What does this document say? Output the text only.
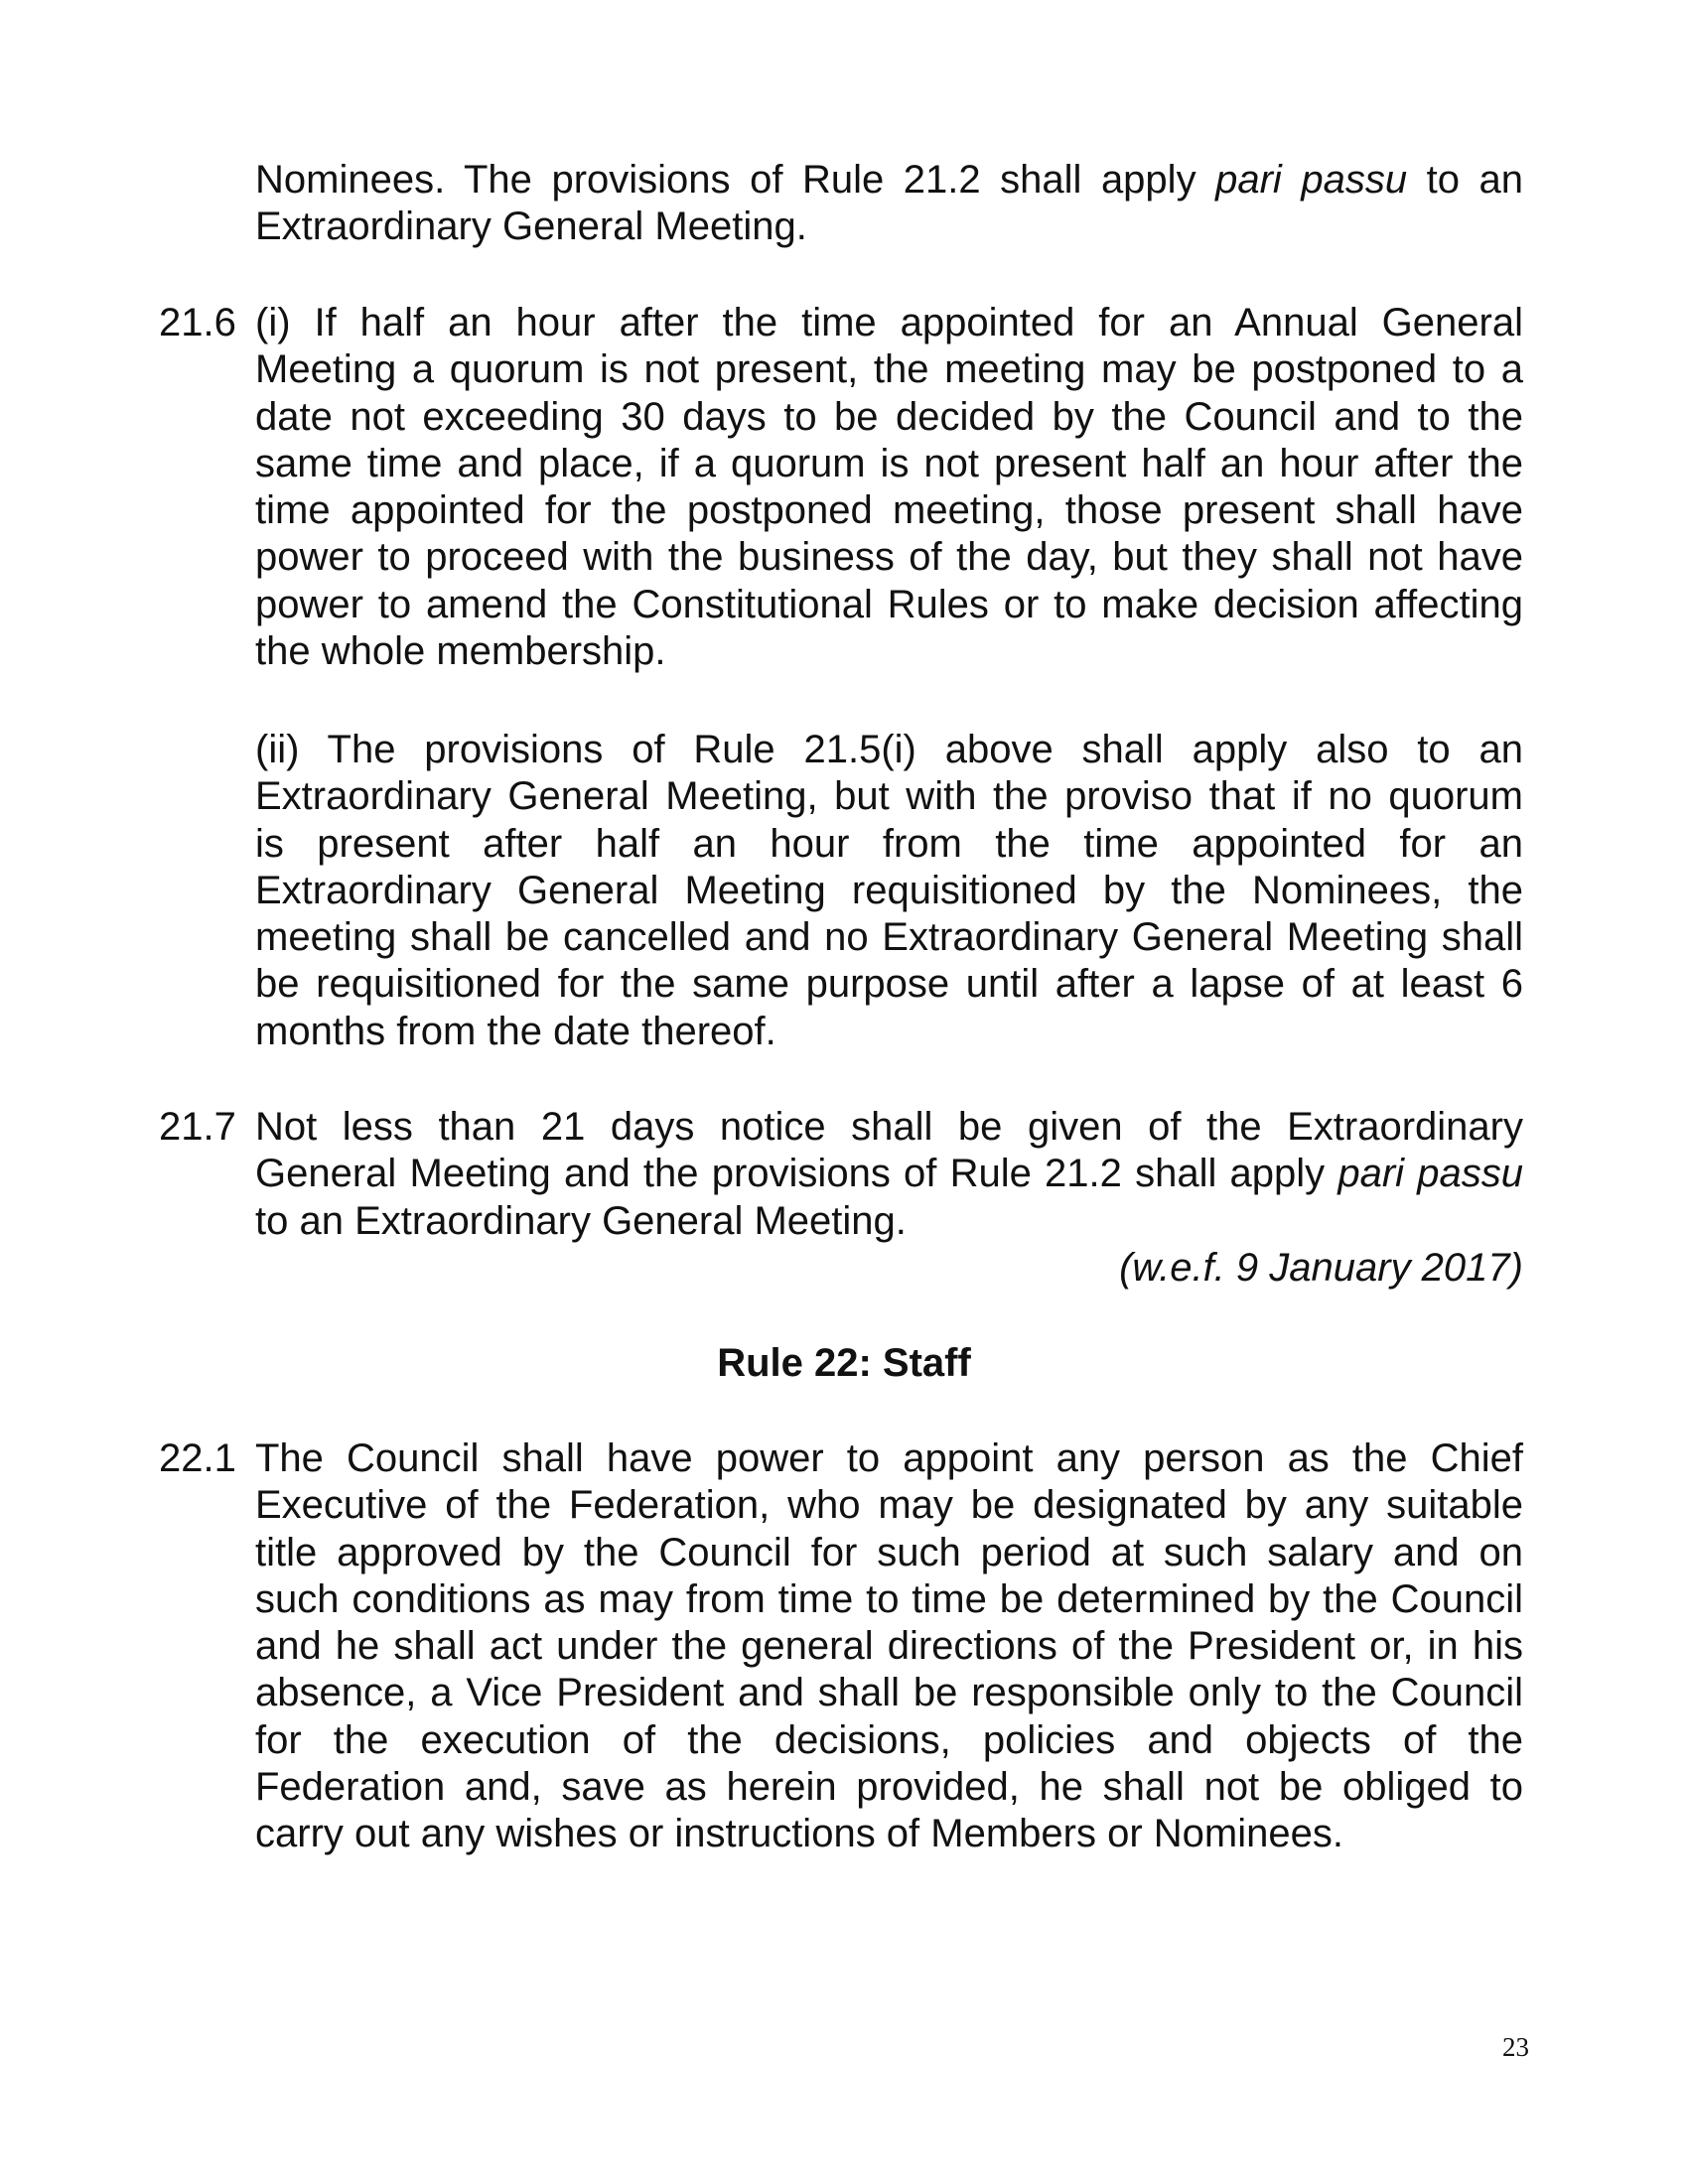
Nominees. The provisions of Rule 21.2 shall apply pari passu to an
Extraordinary General Meeting.
21.6 (i) If half an hour after the time appointed for an Annual General
Meeting a quorum is not present, the meeting may be postponed to a
date not exceeding 30 days to be decided by the Council and to the
same time and place, if a quorum is not present half an hour after the
time appointed for the postponed meeting, those present shall have
power to proceed with the business of the day, but they shall not have
power to amend the Constitutional Rules or to make decision affecting
the whole membership.
(ii) The provisions of Rule 21.5(i) above shall apply also to an
Extraordinary General Meeting, but with the proviso that if no quorum
is present after half an hour from the time appointed for an
Extraordinary General Meeting requisitioned by the Nominees, the
meeting shall be cancelled and no Extraordinary General Meeting shall
be requisitioned for the same purpose until after a lapse of at least 6
months from the date thereof.
21.7 Not less than 21 days notice shall be given of the Extraordinary
General Meeting and the provisions of Rule 21.2 shall apply pari passu
to an Extraordinary General Meeting.
(w.e.f. 9 January 2017)
Rule 22: Staff
22.1 The Council shall have power to appoint any person as the Chief
Executive of the Federation, who may be designated by any suitable
title approved by the Council for such period at such salary and on
such conditions as may from time to time be determined by the Council
and he shall act under the general directions of the President or, in his
absence, a Vice President and shall be responsible only to the Council
for the execution of the decisions, policies and objects of the
Federation and, save as herein provided, he shall not be obliged to
carry out any wishes or instructions of Members or Nominees.
23
